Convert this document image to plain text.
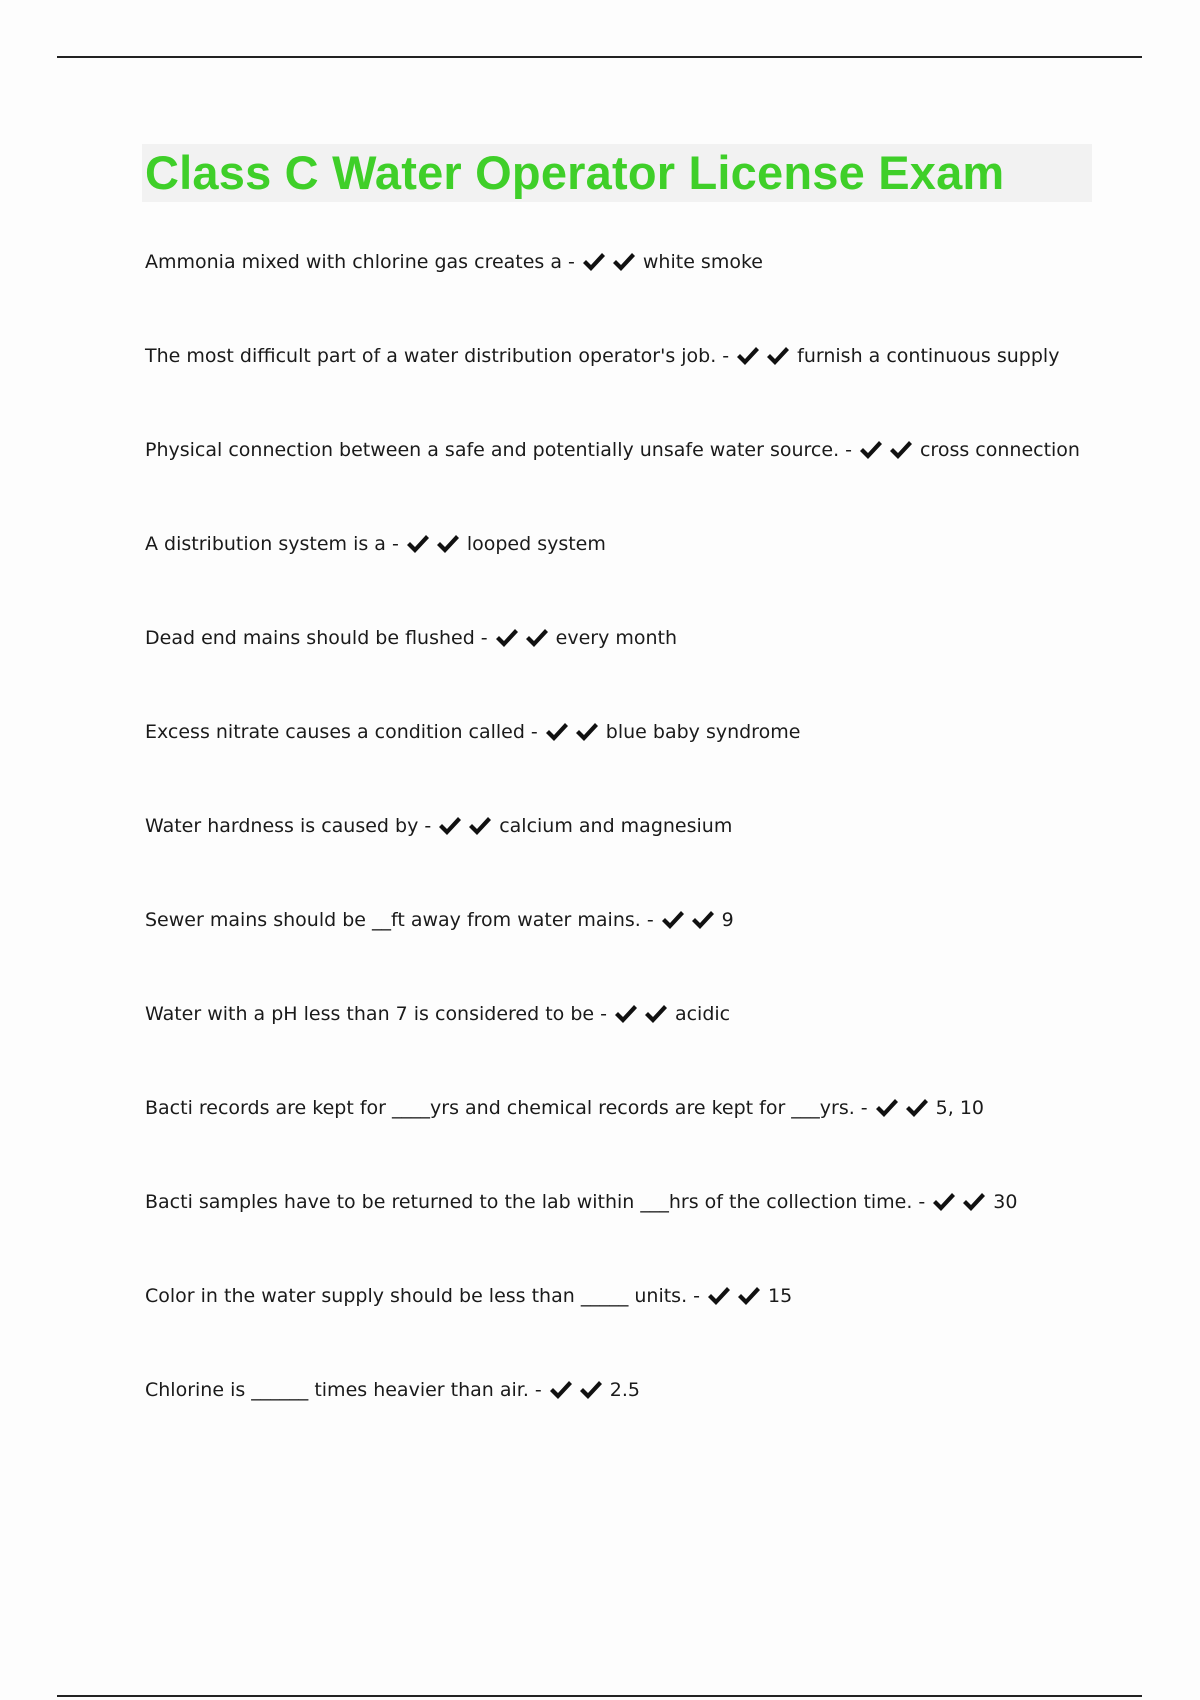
Class C Water Operator License Exam
Ammonia mixed with chlorine gas creates a -	white smoke
The most difficult part of a water distribution operator's job. -	furnish a continuous supply
Physical connection between a safe and potentially unsafe water source. -	cross connection
A distribution system is a -	looped system
Dead end mains should be flushed -	every month
Excess nitrate causes a condition called -	blue baby syndrome
Water hardness is caused by -	calcium and magnesium
Sewer mains should be __ft away from water mains. -	9
Water with a pH less than 7 is considered to be -	acidic
Bacti records are kept for ____yrs and chemical records are kept for ___yrs. -	5, 10
Bacti samples have to be returned to the lab within ___hrs of the collection time. -	30
Color in the water supply should be less than _____ units. -	15
Chlorine is ______ times heavier than air. -	2.5
